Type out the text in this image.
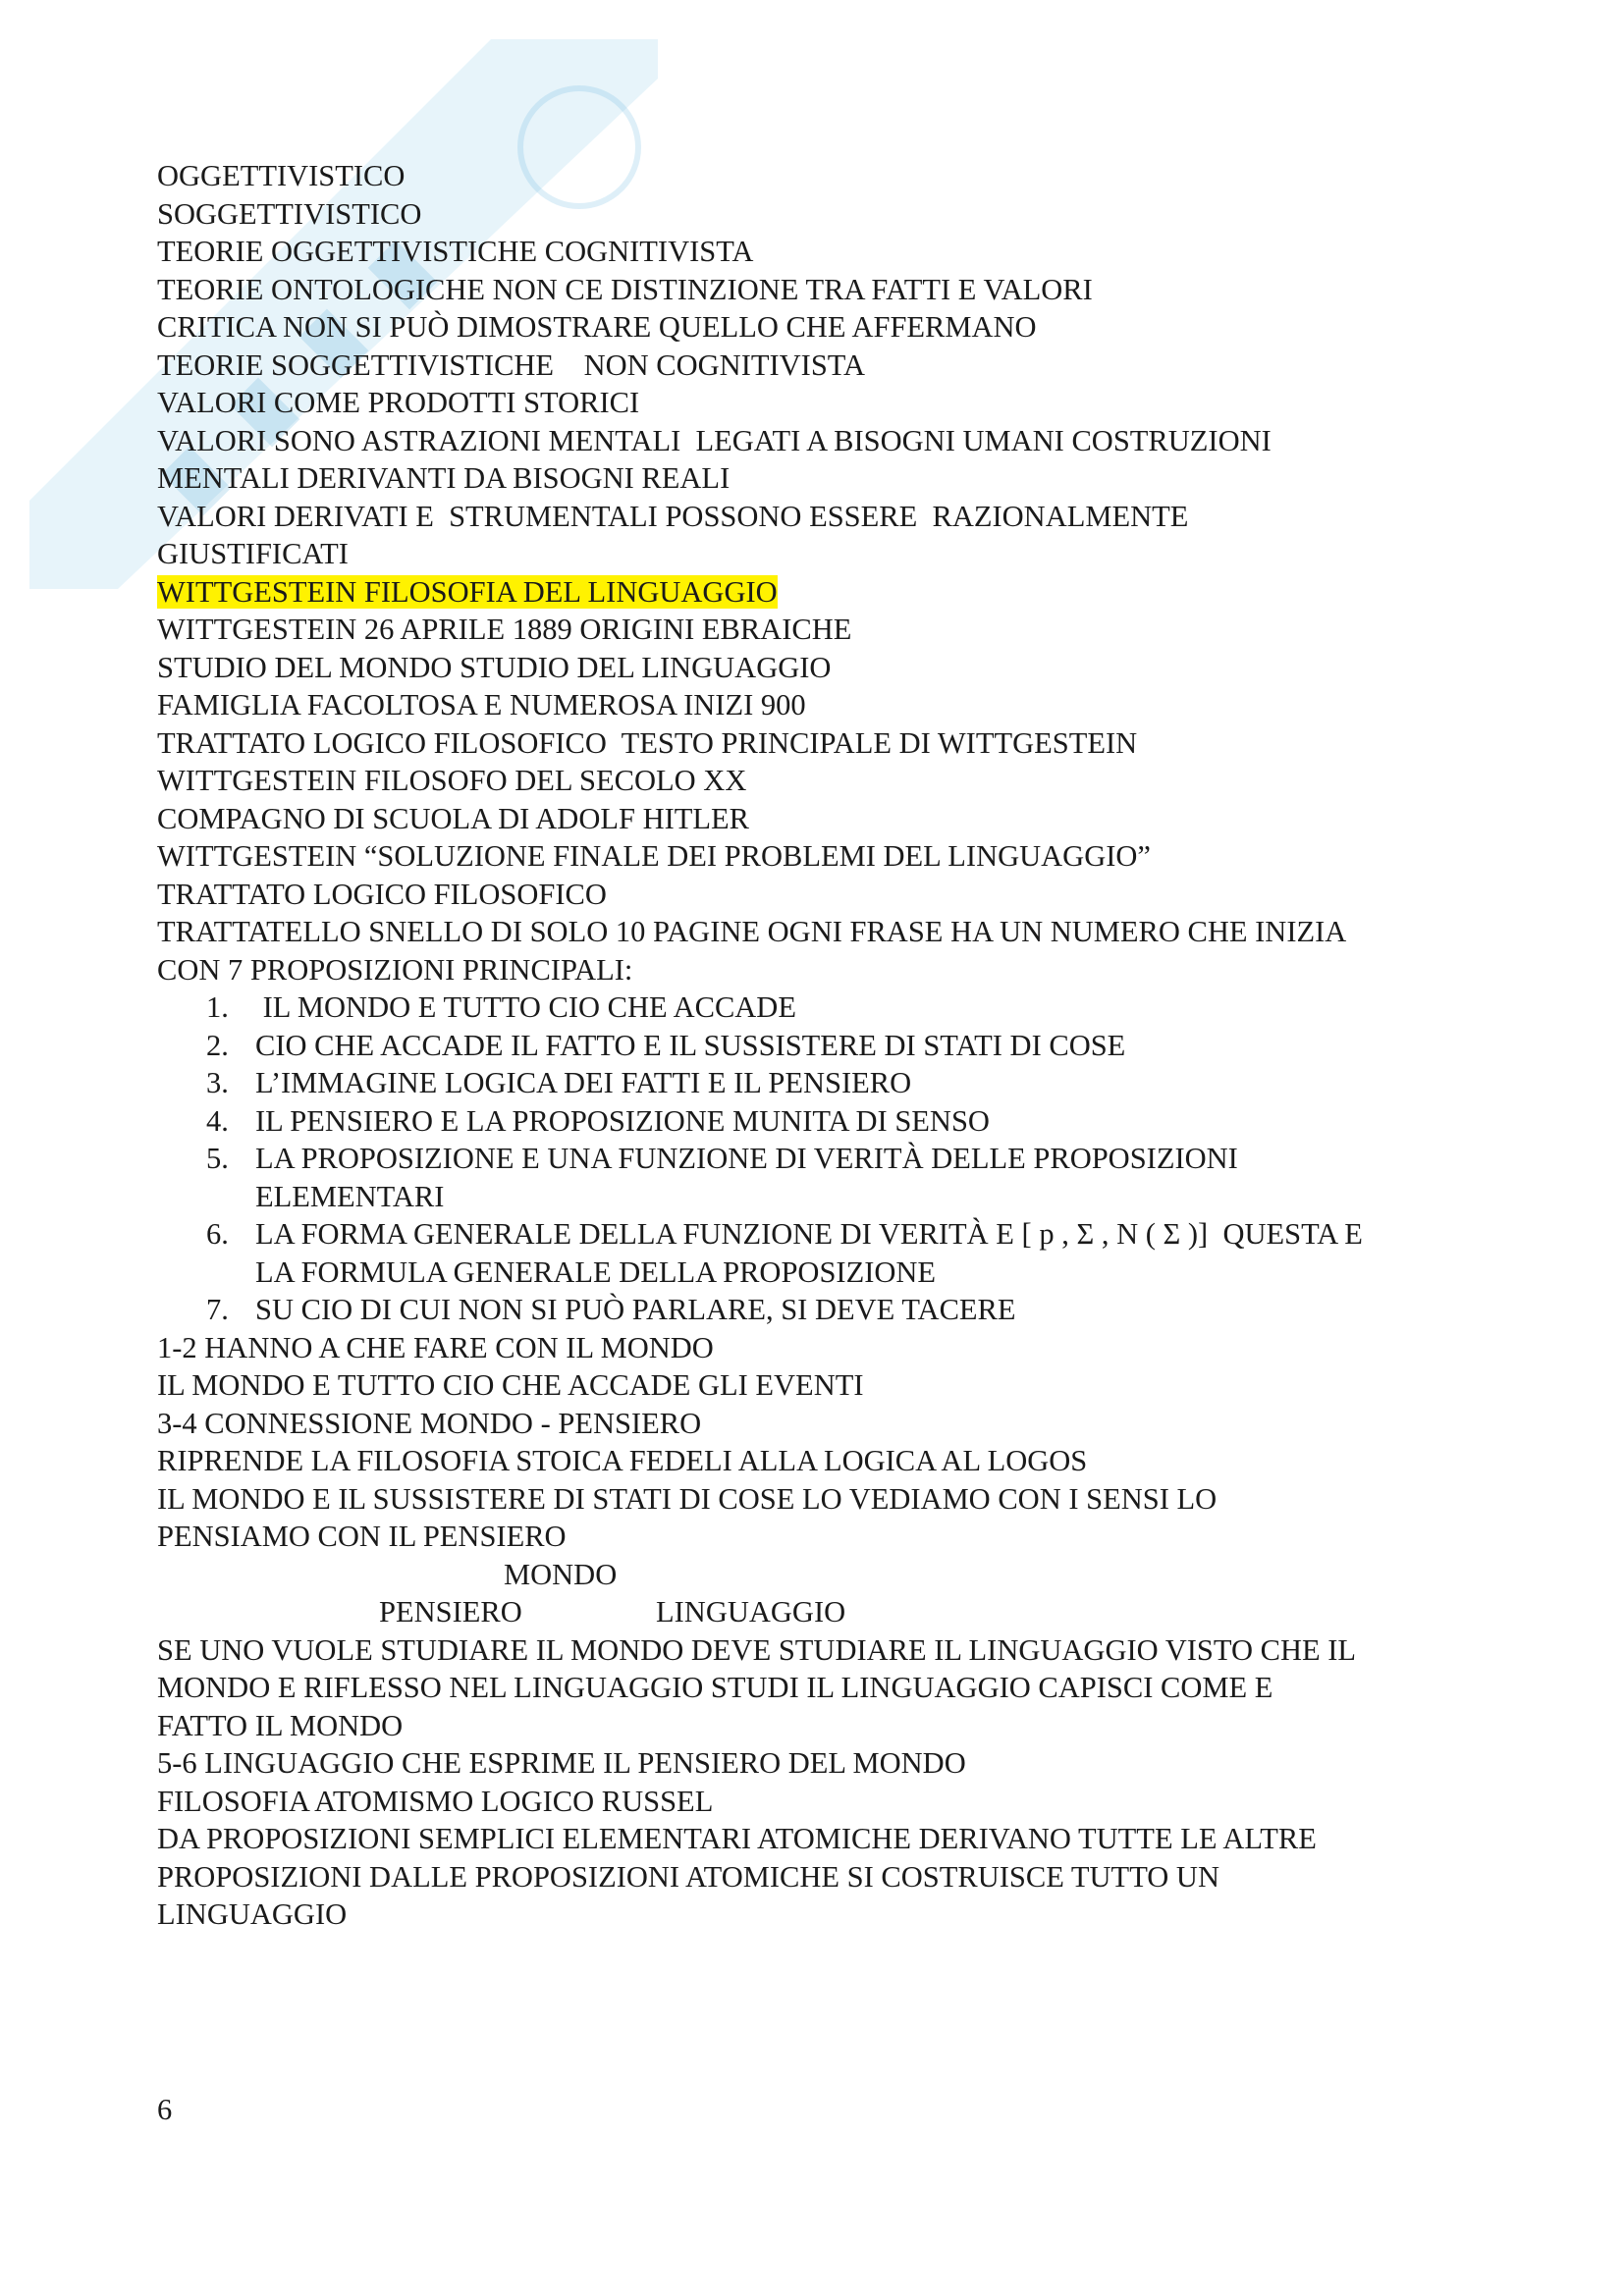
OGGETTIVISTICO
SOGGETTIVISTICO
TEORIE OGGETTIVISTICHE COGNITIVISTA
TEORIE ONTOLOGICHE NON CE DISTINZIONE TRA FATTI E VALORI
CRITICA NON SI PUÒ DIMOSTRARE QUELLO CHE AFFERMANO
TEORIE SOGGETTIVISTICHE    NON COGNITIVISTA
VALORI COME PRODOTTI STORICI
VALORI SONO ASTRAZIONI MENTALI  LEGATI A BISOGNI UMANI COSTRUZIONI
MENTALI DERIVANTI DA BISOGNI REALI
VALORI DERIVATI E  STRUMENTALI POSSONO ESSERE  RAZIONALMENTE
GIUSTIFICATI
WITTGESTEIN FILOSOFIA DEL LINGUAGGIO
WITTGESTEIN 26 APRILE 1889 ORIGINI EBRAICHE
STUDIO DEL MONDO STUDIO DEL LINGUAGGIO
FAMIGLIA FACOLTOSA E NUMEROSA INIZI 900
TRATTATO LOGICO FILOSOFICO  TESTO PRINCIPALE DI WITTGESTEIN
WITTGESTEIN FILOSOFO DEL SECOLO XX
COMPAGNO DI SCUOLA DI ADOLF HITLER
WITTGESTEIN “SOLUZIONE FINALE DEI PROBLEMI DEL LINGUAGGIO”
TRATTATO LOGICO FILOSOFICO
TRATTATELLO SNELLO DI SOLO 10 PAGINE OGNI FRASE HA UN NUMERO CHE INIZIA
CON 7 PROPOSIZIONI PRINCIPALI:
1. IL MONDO E TUTTO CIO CHE ACCADE
2. CIO CHE ACCADE IL FATTO E IL SUSSISTERE DI STATI DI COSE
3. L’IMMAGINE LOGICA DEI FATTI E IL PENSIERO
4. IL PENSIERO E LA PROPOSIZIONE MUNITA DI SENSO
5. LA PROPOSIZIONE E UNA FUNZIONE DI VERITÀ DELLE PROPOSIZIONI
ELEMENTARI
6. LA FORMA GENERALE DELLA FUNZIONE DI VERITÀ E [ p , Σ , N ( Σ )]  QUESTA E
LA FORMULA GENERALE DELLA PROPOSIZIONE
7. SU CIO DI CUI NON SI PUÒ PARLARE, SI DEVE TACERE
1-2 HANNO A CHE FARE CON IL MONDO
IL MONDO E TUTTO CIO CHE ACCADE GLI EVENTI
3-4 CONNESSIONE MONDO - PENSIERO
RIPRENDE LA FILOSOFIA STOICA FEDELI ALLA LOGICA AL LOGOS
IL MONDO E IL SUSSISTERE DI STATI DI COSE LO VEDIAMO CON I SENSI LO
PENSIAMO CON IL PENSIERO
MONDO
PENSIERO	LINGUAGGIO
SE UNO VUOLE STUDIARE IL MONDO DEVE STUDIARE IL LINGUAGGIO VISTO CHE IL
MONDO E RIFLESSO NEL LINGUAGGIO STUDI IL LINGUAGGIO CAPISCI COME E
FATTO IL MONDO
5-6 LINGUAGGIO CHE ESPRIME IL PENSIERO DEL MONDO
FILOSOFIA ATOMISMO LOGICO RUSSEL
DA PROPOSIZIONI SEMPLICI ELEMENTARI ATOMICHE DERIVANO TUTTE LE ALTRE
PROPOSIZIONI DALLE PROPOSIZIONI ATOMICHE SI COSTRUISCE TUTTO UN
LINGUAGGIO
6
